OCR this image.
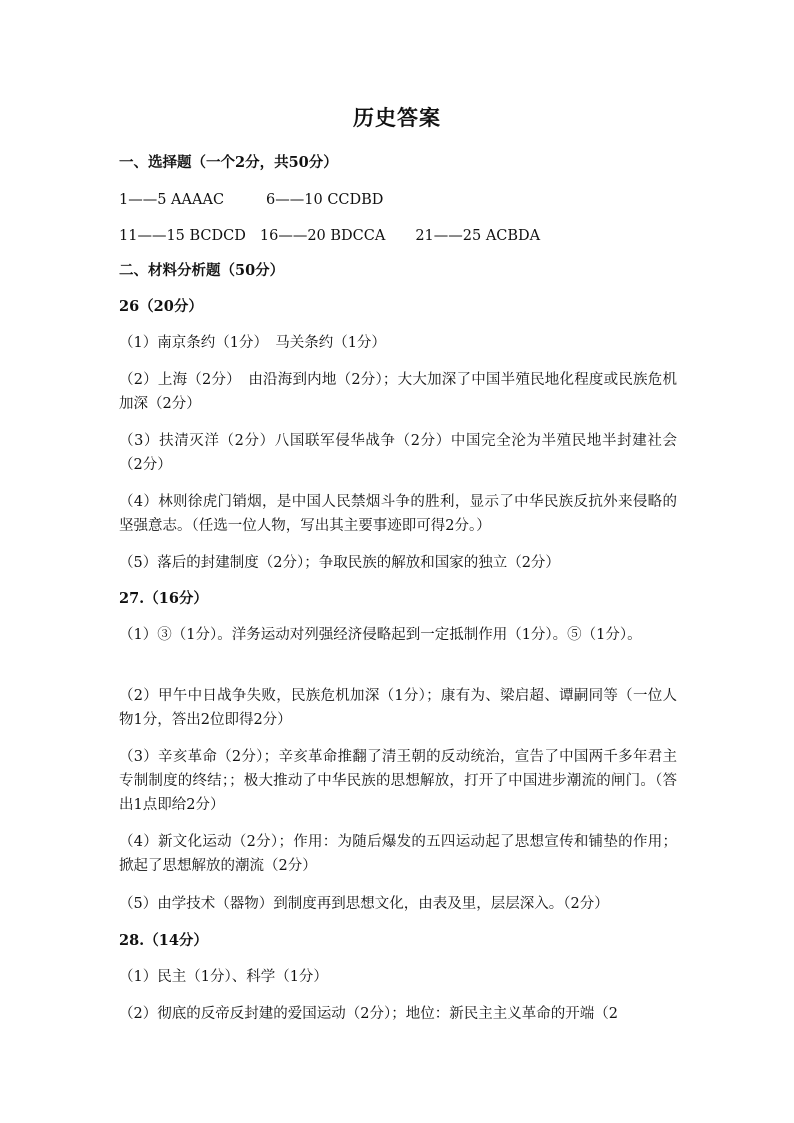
历史答案
一、选择题（一个2分，共50分）
1——5 AAAAC	6——10 CCDBD
11——15 BCDCD 16——20 BDCCA 21——25 ACBDA
二、材料分析题（50分）
26（20分）
（1）南京条约（1分）　马关条约（1分）
（2）上海（2分）　由沿海到内地（2分）；大大加深了中国半殖民地化程度或民族危机加深（2分）
（3）扶清灭洋（2分）八国联军侵华战争（2分）中国完全沦为半殖民地半封建社会（2分）
（4）林则徐虎门销烟，是中国人民禁烟斗争的胜利，显示了中华民族反抗外来侵略的坚强意志。（任选一位人物，写出其主要事迹即可得2分。）
（5）落后的封建制度（2分）；争取民族的解放和国家的独立（2分）
27.（16分）
（1）③（1分）。洋务运动对列强经济侵略起到一定抵制作用（1分）。⑤（1分）。
（2）甲午中日战争失败，民族危机加深（1分）；康有为、梁启超、谭嗣同等（一位人物1分，答出2位即得2分）
（3）辛亥革命（2分）；辛亥革命推翻了清王朝的反动统治，宣告了中国两千多年君主专制制度的终结；；极大推动了中华民族的思想解放，打开了中国进步潮流的闸门。（答出1点即给2分）
（4）新文化运动（2分）；作用：为随后爆发的五四运动起了思想宣传和铺垫的作用；掀起了思想解放的潮流（2分）
（5）由学技术（器物）到制度再到思想文化，由表及里，层层深入。（2分）
28.（14分）
（1）民主（1分）、科学（1分）
（2）彻底的反帝反封建的爱国运动（2分）；地位：新民主主义革命的开端（2
